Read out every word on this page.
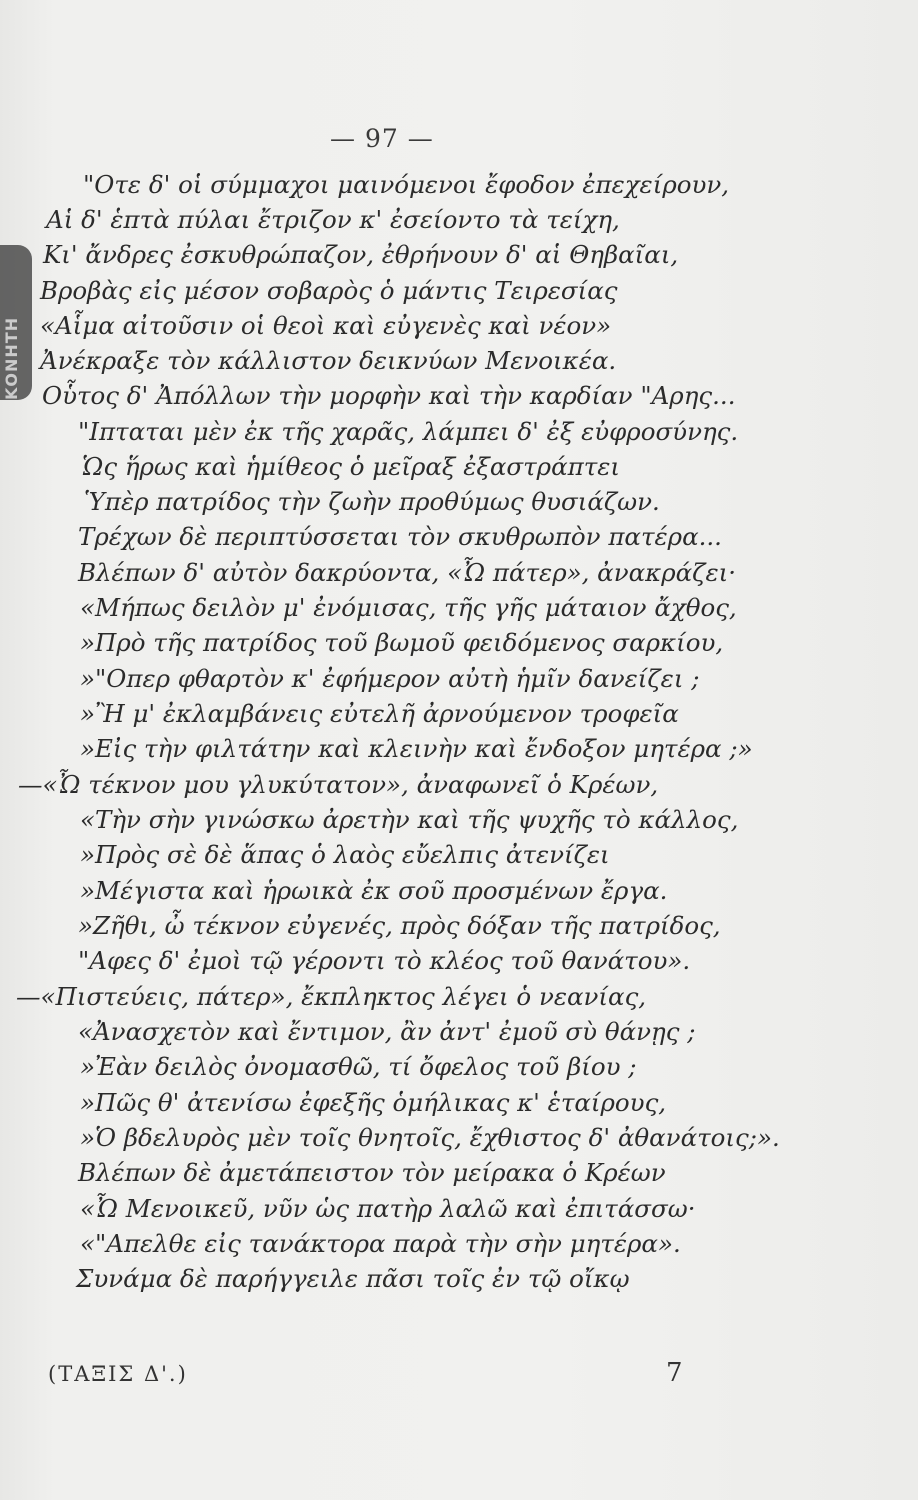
ΚΟΝΗΤΗ
— 97 —
"Οτε δ' οἱ σύμμαχοι μαινόμενοι ἔφοδον ἐπεχείρουν,
Αἱ δ' ἑπτὰ πύλαι ἔτριζον κ' ἐσείοντο τὰ τείχη,
Κι' ἄνδρες ἐσκυθρώπαζον, ἐθρήνουν δ' αἱ Θηβαῖαι,
Βροβὰς εἰς μέσον σοβαρὸς ὁ μάντις Τειρεσίας
«Αἷμα αἰτοῦσιν οἱ θεοὶ καὶ εὐγενὲς καὶ νέον»
Ἀνέκραξε τὸν κάλλιστον δεικνύων Μενοικέα.
Οὗτος δ' Ἀπόλλων τὴν μορφὴν καὶ τὴν καρδίαν "Αρης...
"Ιπταται μὲν ἐκ τῆς χαρᾶς, λάμπει δ' ἐξ εὐφροσύνης.
Ὡς ἥρως καὶ ἡμίθεος ὁ μεῖραξ ἐξαστράπτει
Ὑπὲρ πατρίδος τὴν ζωὴν προθύμως θυσιάζων.
Τρέχων δὲ περιπτύσσεται τὸν σκυθρωπὸν πατέρα...
Βλέπων δ' αὐτὸν δακρύοντα, «Ὦ πάτερ», ἀνακράζει·
«Μήπως δειλὸν μ' ἐνόμισας, τῆς γῆς μάταιον ἄχθος,
»Πρὸ τῆς πατρίδος τοῦ βωμοῦ φειδόμενος σαρκίου,
»"Οπερ φθαρτὸν κ' ἐφήμερον αὐτὴ ἡμῖν δανείζει ;
»Ἢ μ' ἐκλαμβάνεις εὐτελῆ ἀρνούμενον τροφεῖα
»Εἰς τὴν φιλτάτην καὶ κλεινὴν καὶ ἔνδοξον μητέρα ;»
—«Ὦ τέκνον μου γλυκύτατον», ἀναφωνεῖ ὁ Κρέων,
«Τὴν σὴν γινώσκω ἀρετὴν καὶ τῆς ψυχῆς τὸ κάλλος,
»Πρὸς σὲ δὲ ἅπας ὁ λαὸς εὔελπις ἀτενίζει
»Μέγιστα καὶ ἡρωικὰ ἐκ σοῦ προσμένων ἔργα.
»Ζῆθι, ὦ τέκνον εὐγενές, πρὸς δόξαν τῆς πατρίδος,
"Αφες δ' ἐμοὶ τῷ γέροντι τὸ κλέος τοῦ θανάτου».
—«Πιστεύεις, πάτερ», ἔκπληκτος λέγει ὁ νεανίας,
«Ἀνασχετὸν καὶ ἔντιμον, ἂν ἀντ' ἐμοῦ σὺ θάνῃς ;
»Ἐὰν δειλὸς ὀνομασθῶ, τί ὄφελος τοῦ βίου ;
»Πῶς θ' ἀτενίσω ἐφεξῆς ὁμήλικας κ' ἑταίρους,
»Ὁ βδελυρὸς μὲν τοῖς θνητοῖς, ἔχθιστος δ' ἀθανάτοις;».
Βλέπων δὲ ἀμετάπειστον τὸν μείρακα ὁ Κρέων
«Ὦ Μενοικεῦ, νῦν ὡς πατὴρ λαλῶ καὶ ἐπιτάσσω·
«"Απελθε εἰς τανάκτορα παρὰ τὴν σὴν μητέρα».
Συνάμα δὲ παρήγγειλε πᾶσι τοῖς ἐν τῷ οἴκῳ
(ΤΑΞΙΣ Δ'.)	7
